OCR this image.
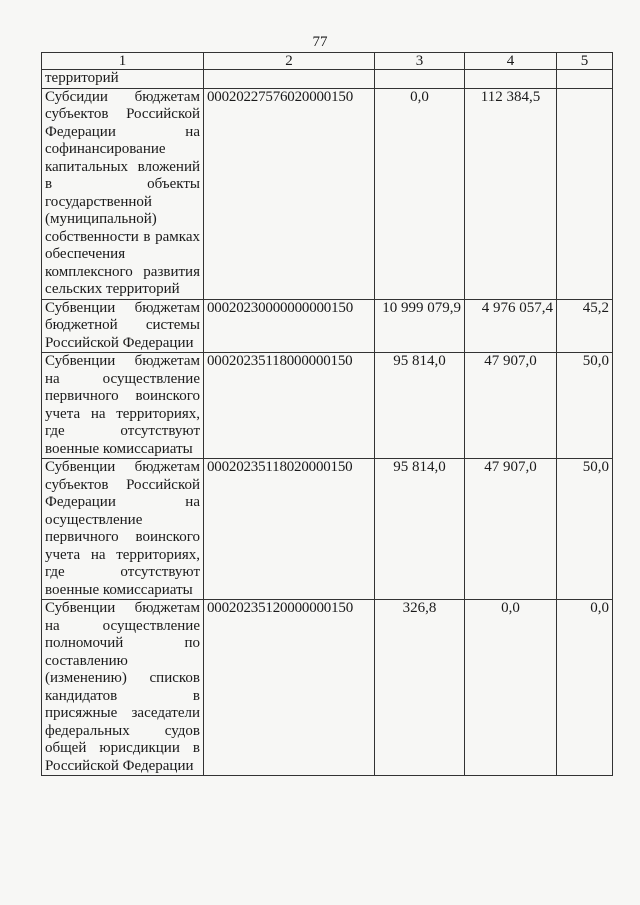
77
1	2	3	4	5
территорий				
Субсидии бюджетам субъектов Российской Федерации на софинансирование капитальных вложений в объекты государственной (муниципальной) собственности в рамках обеспечения комплексного развития сельских территорий	00020227576020000150	0,0	112 384,5	
Субвенции бюджетам бюджетной системы Российской Федерации	00020230000000000150	10 999 079,9	4 976 057,4	45,2
Субвенции бюджетам на осуществление первичного воинского учета на территориях, где отсутствуют военные комиссариаты	00020235118000000150	95 814,0	47 907,0	50,0
Субвенции бюджетам субъектов Российской Федерации на осуществление первичного воинского учета на территориях, где отсутствуют военные комиссариаты	00020235118020000150	95 814,0	47 907,0	50,0
Субвенции бюджетам на осуществление полномочий по составлению (изменению) списков кандидатов в присяжные заседатели федеральных судов общей юрисдикции в Российской Федерации	00020235120000000150	326,8	0,0	0,0
